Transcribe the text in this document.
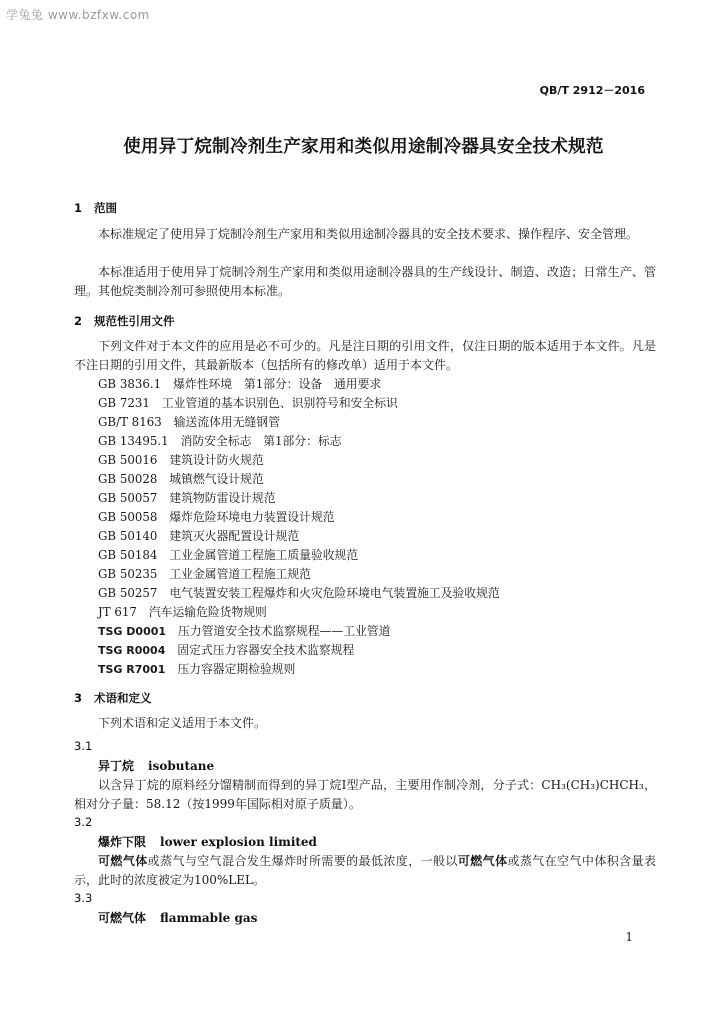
学兔兔 www.bzfxw.com
QB/T 2912－2016
使用异丁烷制冷剂生产家用和类似用途制冷器具安全技术规范
1 范围
本标准规定了使用异丁烷制冷剂生产家用和类似用途制冷器具的安全技术要求、操作程序、安全管理。
本标准适用于使用异丁烷制冷剂生产家用和类似用途制冷器具的生产线设计、制造、改造；日常生产、管理。其他烷类制冷剂可参照使用本标准。
2 规范性引用文件
下列文件对于本文件的应用是必不可少的。凡是注日期的引用文件，仅注日期的版本适用于本文件。凡是不注日期的引用文件，其最新版本（包括所有的修改单）适用于本文件。
GB 3836.1 爆炸性环境　第1部分：设备　通用要求
GB 7231 工业管道的基本识别色、识别符号和安全标识
GB/T 8163 输送流体用无缝钢管
GB 13495.1 消防安全标志　第1部分：标志
GB 50016 建筑设计防火规范
GB 50028 城镇燃气设计规范
GB 50057 建筑物防雷设计规范
GB 50058 爆炸危险环境电力装置设计规范
GB 50140 建筑灭火器配置设计规范
GB 50184 工业金属管道工程施工质量验收规范
GB 50235 工业金属管道工程施工规范
GB 50257 电气装置安装工程爆炸和火灾危险环境电气装置施工及验收规范
JT 617 汽车运输危险货物规则
TSG D0001 压力管道安全技术监察规程——工业管道
TSG R0004 固定式压力容器安全技术监察规程
TSG R7001 压力容器定期检验规则
3 术语和定义
下列术语和定义适用于本文件。
3.1
异丁烷 isobutane
以含异丁烷的原料经分馏精制而得到的异丁烷Ⅰ型产品，主要用作制冷剂，分子式：CH₃(CH₃)CHCH₃，相对分子量：58.12（按1999年国际相对原子质量）。
3.2
爆炸下限 lower explosion limited
可燃气体或蒸气与空气混合发生爆炸时所需要的最低浓度，一般以可燃气体或蒸气在空气中体积含量表示，此时的浓度被定为100%LEL。
3.3
可燃气体 flammable gas
1
